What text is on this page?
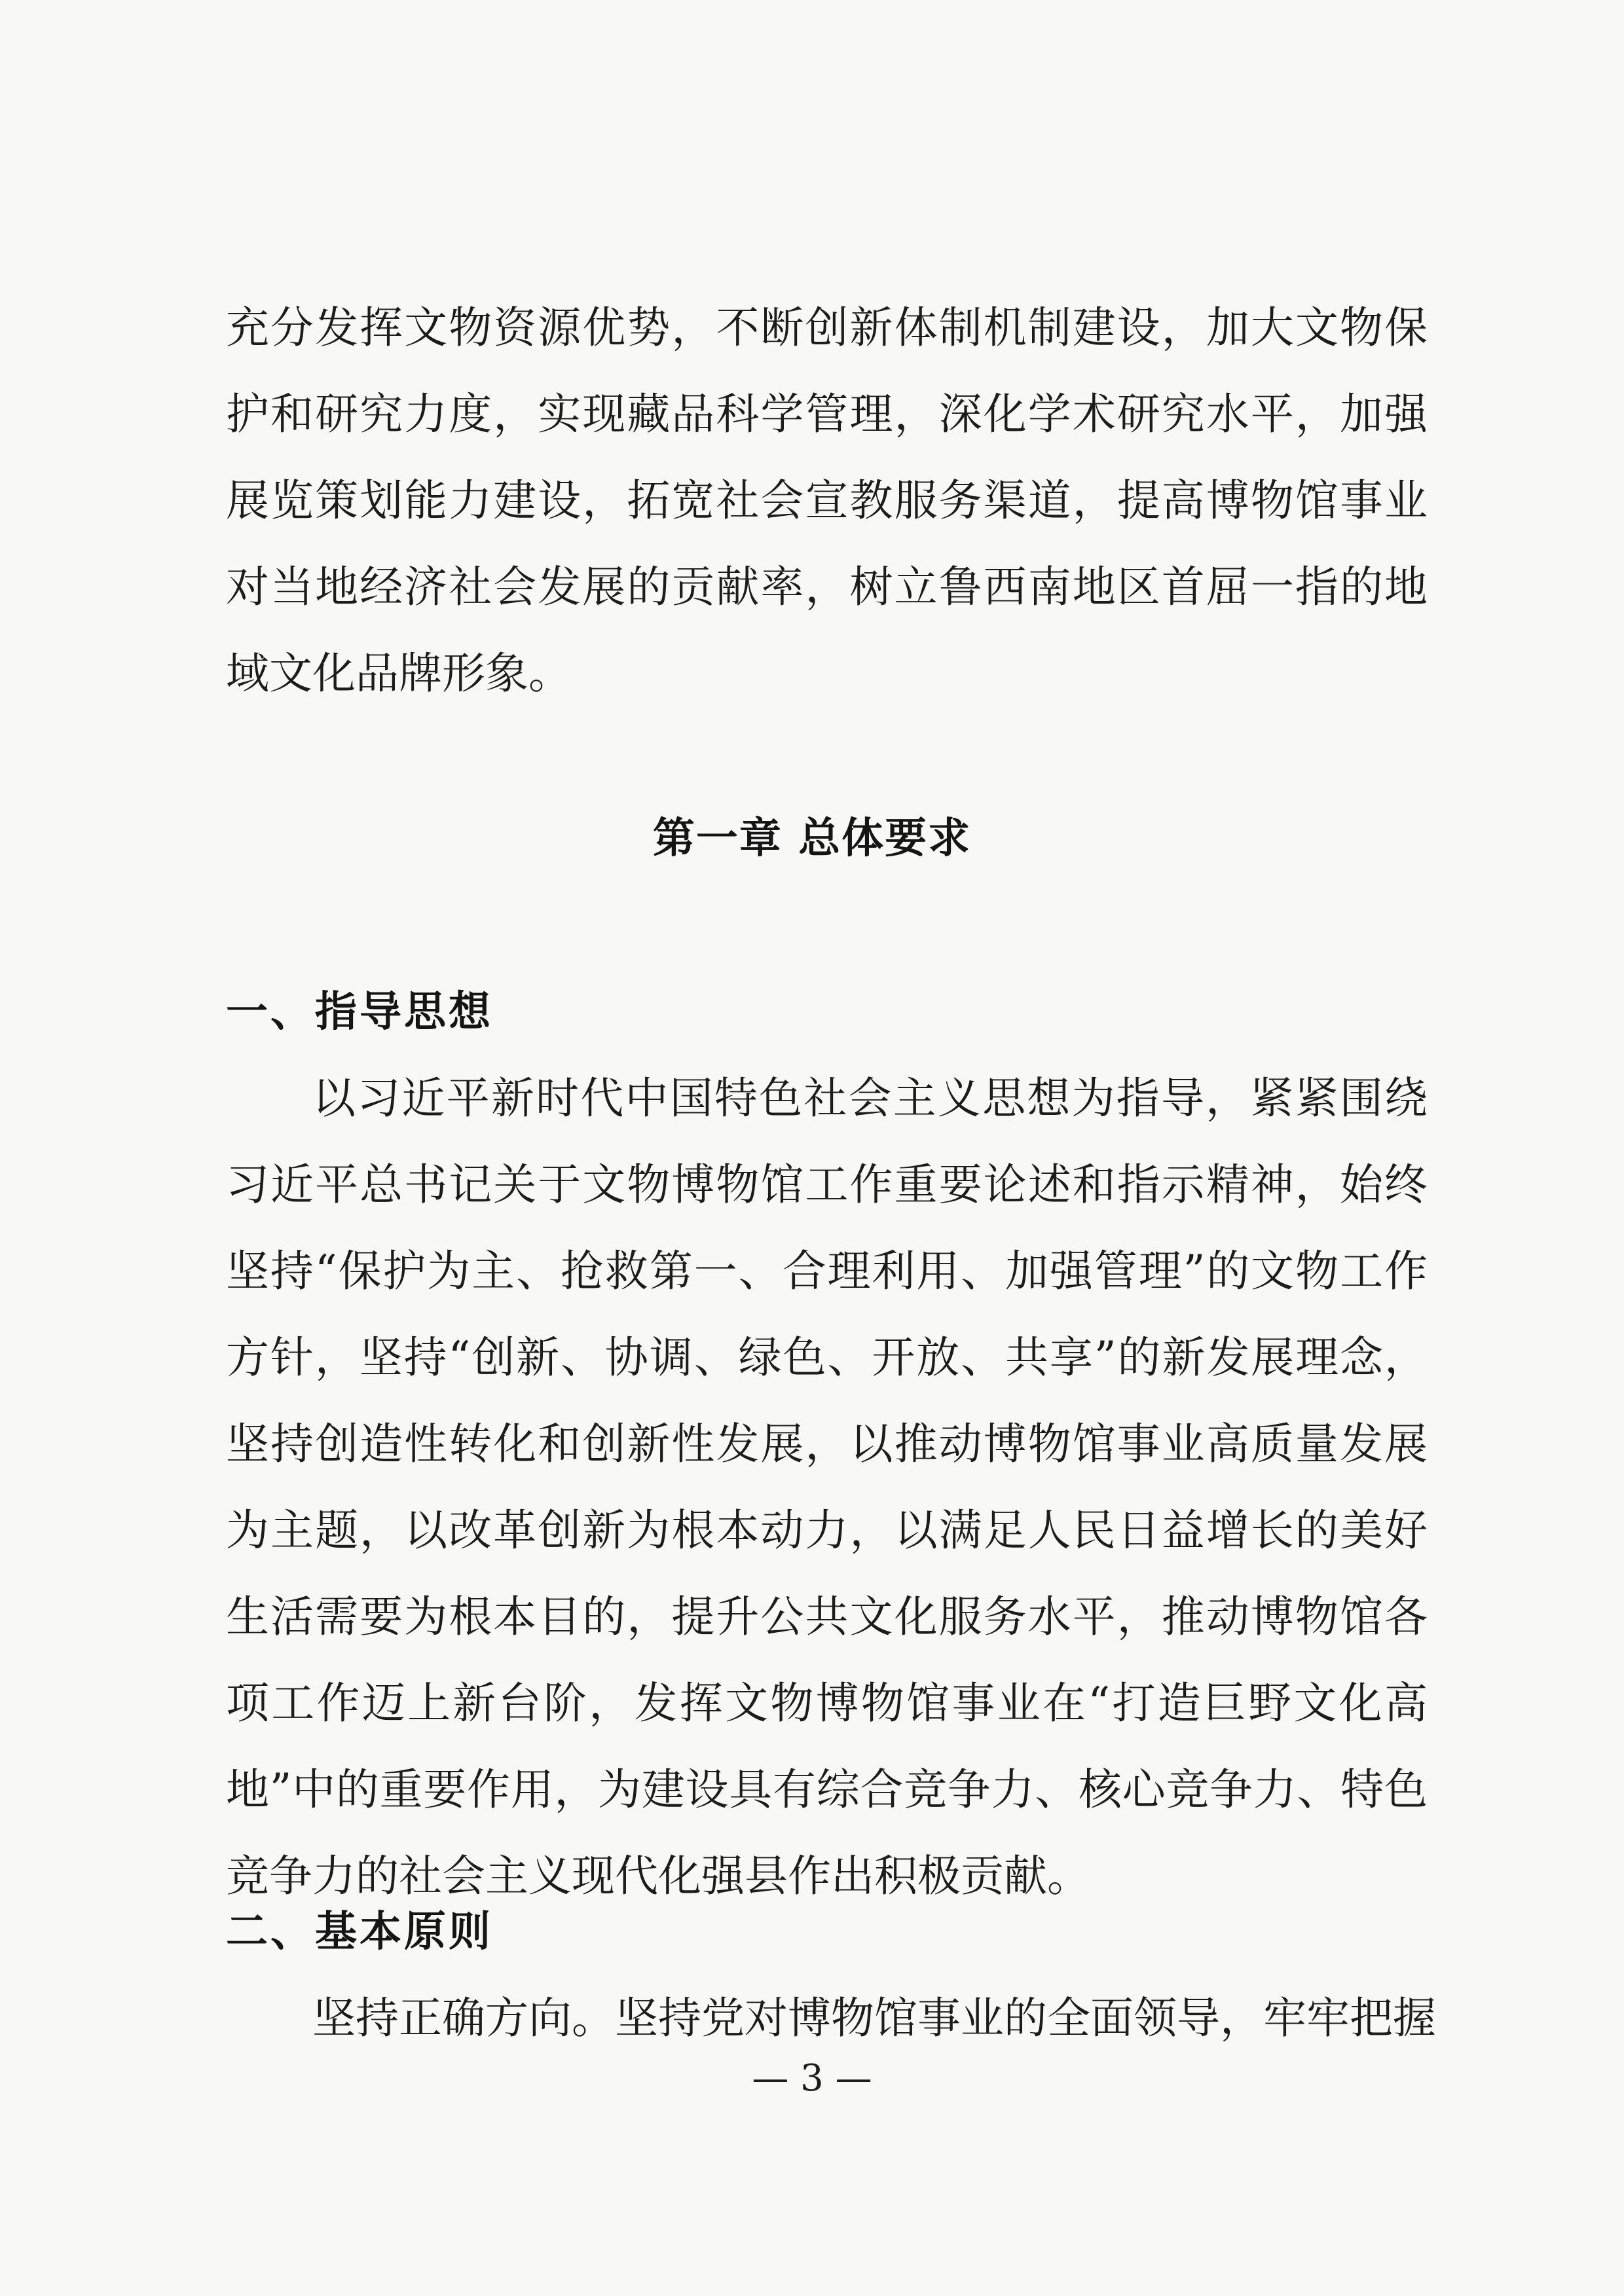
充分发挥文物资源优势，不断创新体制机制建设，加大文物保护和研究力度，实现藏品科学管理，深化学术研究水平，加强展览策划能力建设，拓宽社会宣教服务渠道，提高博物馆事业对当地经济社会发展的贡献率，树立鲁西南地区首屈一指的地域文化品牌形象。
第一章 总体要求
一、指导思想
以习近平新时代中国特色社会主义思想为指导，紧紧围绕习近平总书记关于文物博物馆工作重要论述和指示精神，始终坚持“保护为主、抢救第一、合理利用、加强管理”的文物工作方针，坚持“创新、协调、绿色、开放、共享”的新发展理念，坚持创造性转化和创新性发展，以推动博物馆事业高质量发展为主题，以改革创新为根本动力，以满足人民日益增长的美好生活需要为根本目的，提升公共文化服务水平，推动博物馆各项工作迈上新台阶，发挥文物博物馆事业在“打造巨野文化高地”中的重要作用，为建设具有综合竞争力、核心竞争力、特色竞争力的社会主义现代化强县作出积极贡献。
二、基本原则
坚持正确方向。坚持党对博物馆事业的全面领导，牢牢把握
— 3 —
